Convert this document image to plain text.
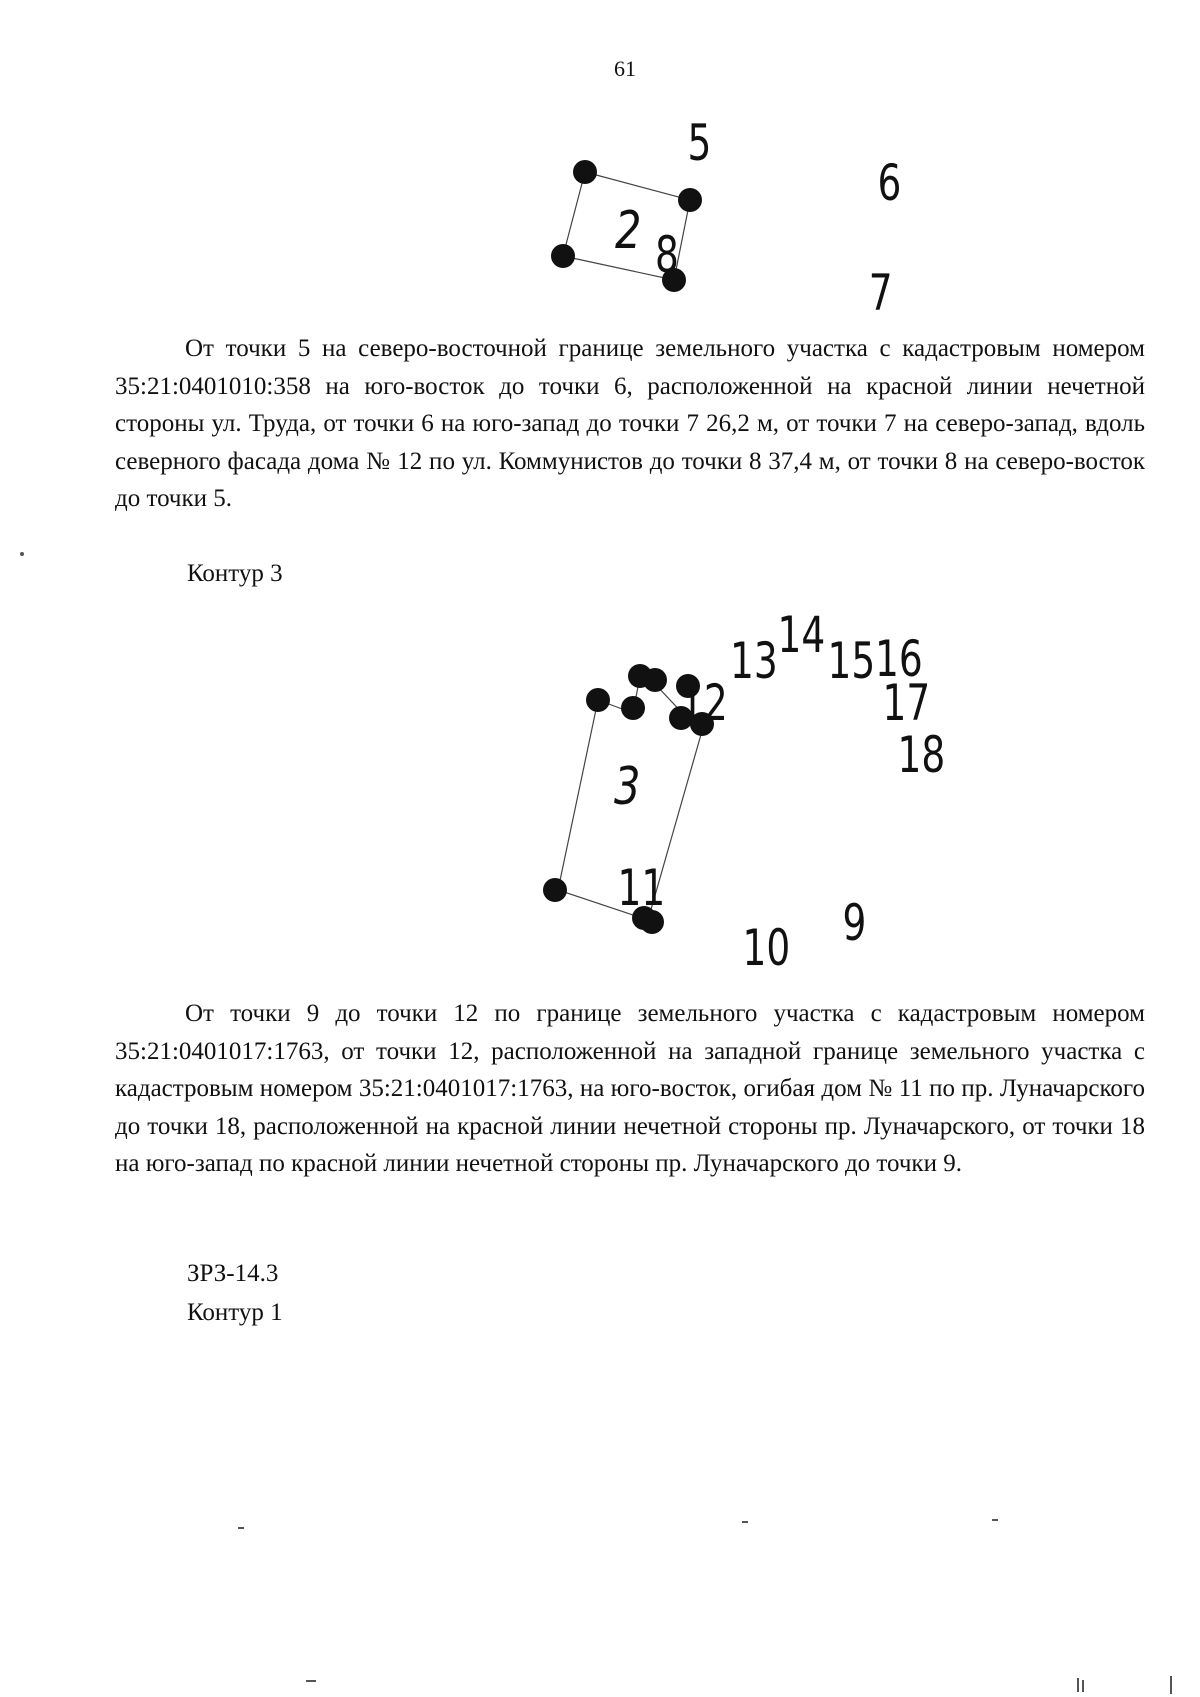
61
5
6
7
8
2

От точки 5 на северо-восточной границе земельного участка с кадастровым номером 35:21:0401010:358 на юго-восток до точки 6, расположенной на красной линии нечетной стороны ул. Труда, от точки 6 на юго-запад до точки 7 26,2 м, от точки 7 на северо-запад, вдоль северного фасада дома № 12 по ул. Коммунистов до точки 8 37,4 м, от точки 8 на северо-восток до точки 5.

Контур 3
9
10
11
12
13 14 15 16
17
18
3

От точки 9 до точки 12 по границе земельного участка с кадастровым номером 35:21:0401017:1763, от точки 12, расположенной на западной границе земельного участка с кадастровым номером 35:21:0401017:1763, на юго-восток, огибая дом № 11 по пр. Луначарского до точки 18, расположенной на красной линии нечетной стороны пр. Луначарского, от точки 18 на юго-запад по красной линии нечетной стороны пр. Луначарского до точки 9.

ЗРЗ-14.3
Контур 1
